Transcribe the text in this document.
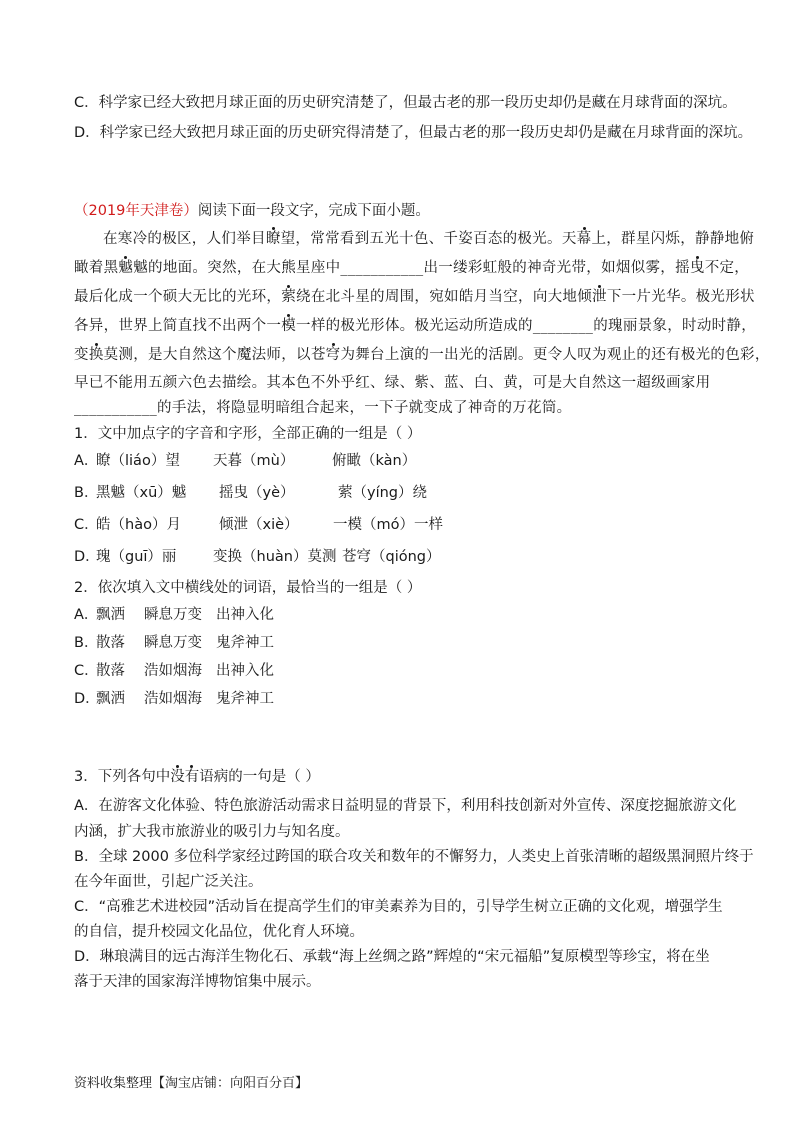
C．科学家已经大致把月球正面的历史研究清楚了，但最古老的那一段历史却仍是藏在月球背面的深坑。
D．科学家已经大致把月球正面的历史研究得清楚了，但最古老的那一段历史却仍是藏在月球背面的深坑。
（2019年天津卷）阅读下面一段文字，完成下面小题。
在寒冷的极区，人们举目瞭望，常常看到五光十色、千姿百态的极光。天幕上，群星闪烁，静静地俯
瞰着黑魆魆的地面。突然，在大熊星座中___________出一缕彩虹般的神奇光带，如烟似雾，摇曳不定，
最后化成一个硕大无比的光环，萦绕在北斗星的周围，宛如皓月当空，向大地倾泄下一片光华。极光形状
各异，世界上简直找不出两个一模一样的极光形体。极光运动所造成的________的瑰丽景象，时动时静，
变换莫测，是大自然这个魔法师，以苍穹为舞台上演的一出光的活剧。更令人叹为观止的还有极光的色彩，
早已不能用五颜六色去描绘。其本色不外乎红、绿、紫、蓝、白、黄，可是大自然这一超级画家用
___________的手法，将隐显明暗组合起来，一下子就变成了神奇的万花筒。
1．文中加点字的字音和字形，全部正确的一组是（ ）
A．
瞭（liáo）望 天暮（mù）	俯瞰（kàn）
B．
黑魆（xū）魆 摇曳（yè）	萦（yíng）绕
C．
皓（hào）月	倾泄（xiè） 一模（mó）一样
D．
瑰（guī）丽	变换（huàn）莫测 苍穹（qióng）
2．依次填入文中横线处的词语，最恰当的一组是（ ）
A．
飘洒 瞬息万变 出神入化
B．
散落 瞬息万变 鬼斧神工
C．
散落 浩如烟海 出神入化
D．
飘洒 浩如烟海 鬼斧神工
3．下列各句中没有语病的一句是（ ）
A．在游客文化体验、特色旅游活动需求日益明显的背景下，利用科技创新对外宣传、深度挖掘旅游文化
内涵，扩大我市旅游业的吸引力与知名度。
B．全球 2000 多位科学家经过跨国的联合攻关和数年的不懈努力，人类史上首张清晰的超级黑洞照片终于
在今年面世，引起广泛关注。
C．“高雅艺术进校园”活动旨在提高学生们的审美素养为目的，引导学生树立正确的文化观，增强学生
的自信，提升校园文化品位，优化育人环境。
D．琳琅满目的远古海洋生物化石、承载“海上丝绸之路”辉煌的“宋元福船”复原模型等珍宝，将在坐
落于天津的国家海洋博物馆集中展示。
资料收集整理【淘宝店铺：向阳百分百】
